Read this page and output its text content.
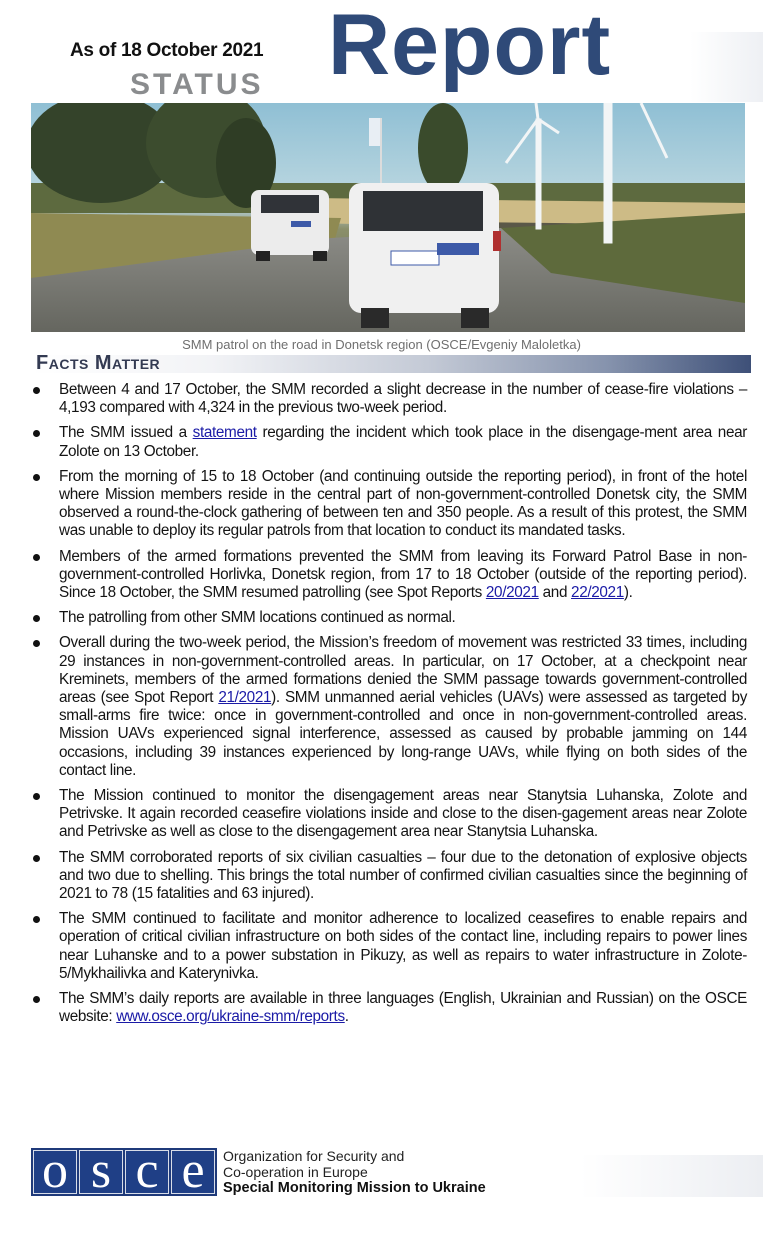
As of 18 October 2021
STATUS Report
SMM patrol on the road in Donetsk region (OSCE/Evgeniy Maloletka)
Facts Matter
Between 4 and 17 October, the SMM recorded a slight decrease in the number of cease-fire violations – 4,193 compared with 4,324 in the previous two-week period.
The SMM issued a statement regarding the incident which took place in the disengage-ment area near Zolote on 13 October.
From the morning of 15 to 18 October (and continuing outside the reporting period), in front of the hotel where Mission members reside in the central part of non-government-controlled Donetsk city, the SMM observed a round-the-clock gathering of between ten and 350 people. As a result of this protest, the SMM was unable to deploy its regular patrols from that location to conduct its mandated tasks.
Members of the armed formations prevented the SMM from leaving its Forward Patrol Base in non-government-controlled Horlivka, Donetsk region, from 17 to 18 October (outside of the reporting period). Since 18 October, the SMM resumed patrolling (see Spot Reports 20/2021 and 22/2021).
The patrolling from other SMM locations continued as normal.
Overall during the two-week period, the Mission’s freedom of movement was restricted 33 times, including 29 instances in non-government-controlled areas. In particular, on 17 October, at a checkpoint near Kreminets, members of the armed formations denied the SMM passage towards government-controlled areas (see Spot Report 21/2021). SMM unmanned aerial vehicles (UAVs) were assessed as targeted by small-arms fire twice: once in government-controlled and once in non-government-controlled areas. Mission UAVs experienced signal interference, assessed as caused by probable jamming on 144 occasions, including 39 instances experienced by long-range UAVs, while flying on both sides of the contact line.
The Mission continued to monitor the disengagement areas near Stanytsia Luhanska, Zolote and Petrivske. It again recorded ceasefire violations inside and close to the disen-gagement areas near Zolote and Petrivske as well as close to the disengagement area near Stanytsia Luhanska.
The SMM corroborated reports of six civilian casualties – four due to the detonation of explosive objects and two due to shelling. This brings the total number of confirmed civilian casualties since the beginning of 2021 to 78 (15 fatalities and 63 injured).
The SMM continued to facilitate and monitor adherence to localized ceasefires to enable repairs and operation of critical civilian infrastructure on both sides of the contact line, including repairs to power lines near Luhanske and to a power substation in Pikuzy, as well as repairs to water infrastructure in Zolote-5/Mykhailivka and Katerynivka.
The SMM’s daily reports are available in three languages (English, Ukrainian and Russian) on the OSCE website: www.osce.org/ukraine-smm/reports.
o s c e	Organization for Security and
Co-operation in Europe
Special Monitoring Mission to Ukraine
